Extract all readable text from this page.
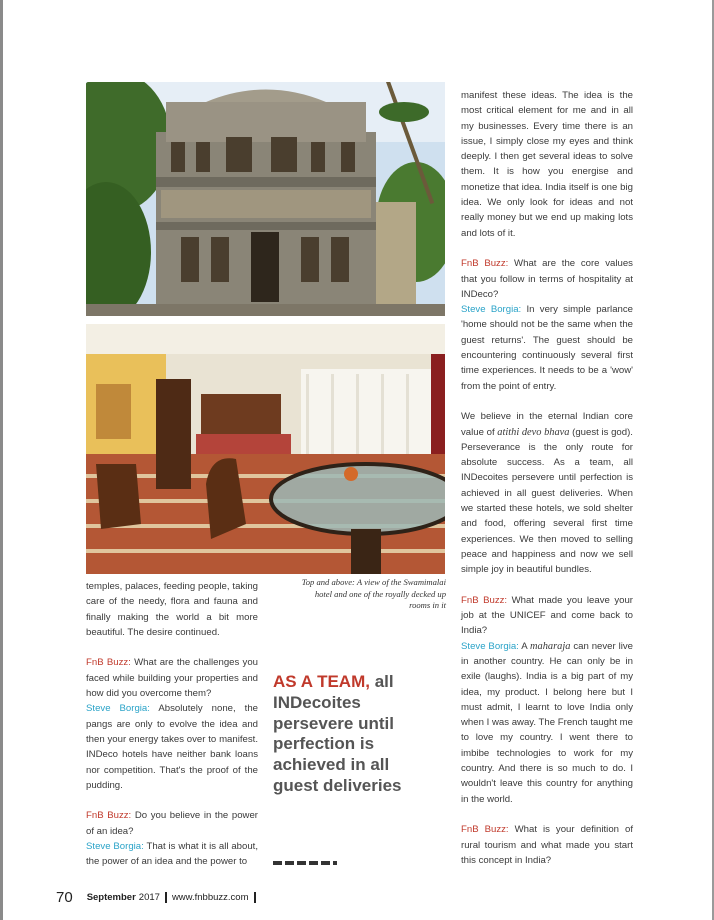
Top and above: A view of the Swamimalai hotel and one of the royally decked up rooms in it

temples, palaces, feeding people, taking care of the needy, flora and fauna and finally making the world a bit more beautiful. The desire continued.

FnB Buzz: What are the challenges you faced while building your properties and how did you overcome them?
Steve Borgia: Absolutely none, the pangs are only to evolve the idea and then your energy takes over to manifest. INDeco hotels have neither bank loans nor competition. That's the proof of the pudding.

FnB Buzz: Do you believe in the power of an idea?
Steve Borgia: That is what it is all about, the power of an idea and the power to

AS A TEAM, all INDecoites persevere until perfection is achieved in all guest deliveries

manifest these ideas. The idea is the most critical element for me and in all my businesses. Every time there is an issue, I simply close my eyes and think deeply. I then get several ideas to solve them. It is how you energise and monetize that idea. India itself is one big idea. We only look for ideas and not really money but we end up making lots and lots of it.

FnB Buzz: What are the core values that you follow in terms of hospitality at INDeco?
Steve Borgia: In very simple parlance 'home should not be the same when the guest returns'. The guest should be encountering continuously several first time experiences. It needs to be a 'wow' from the point of entry.

We believe in the eternal Indian core value of atithi devo bhava (guest is god). Perseverance is the only route for absolute success. As a team, all INDecoites persevere until perfection is achieved in all guest deliveries. When we started these hotels, we sold shelter and food, offering several first time experiences. We then moved to selling peace and happiness and now we sell simple joy in beautiful bundles.

FnB Buzz: What made you leave your job at the UNICEF and come back to India?
Steve Borgia: A maharaja can never live in another country. He can only be in exile (laughs). India is a big part of my idea, my product. I belong here but I must admit, I learnt to love India only when I was away. The French taught me to love my country. I went there to imbibe technologies to work for my country. And there is so much to do. I wouldn't leave this country for anything in the world.

FnB Buzz: What is your definition of rural tourism and what made you start this concept in India?

70 September 2017 www.fnbbuzz.com
